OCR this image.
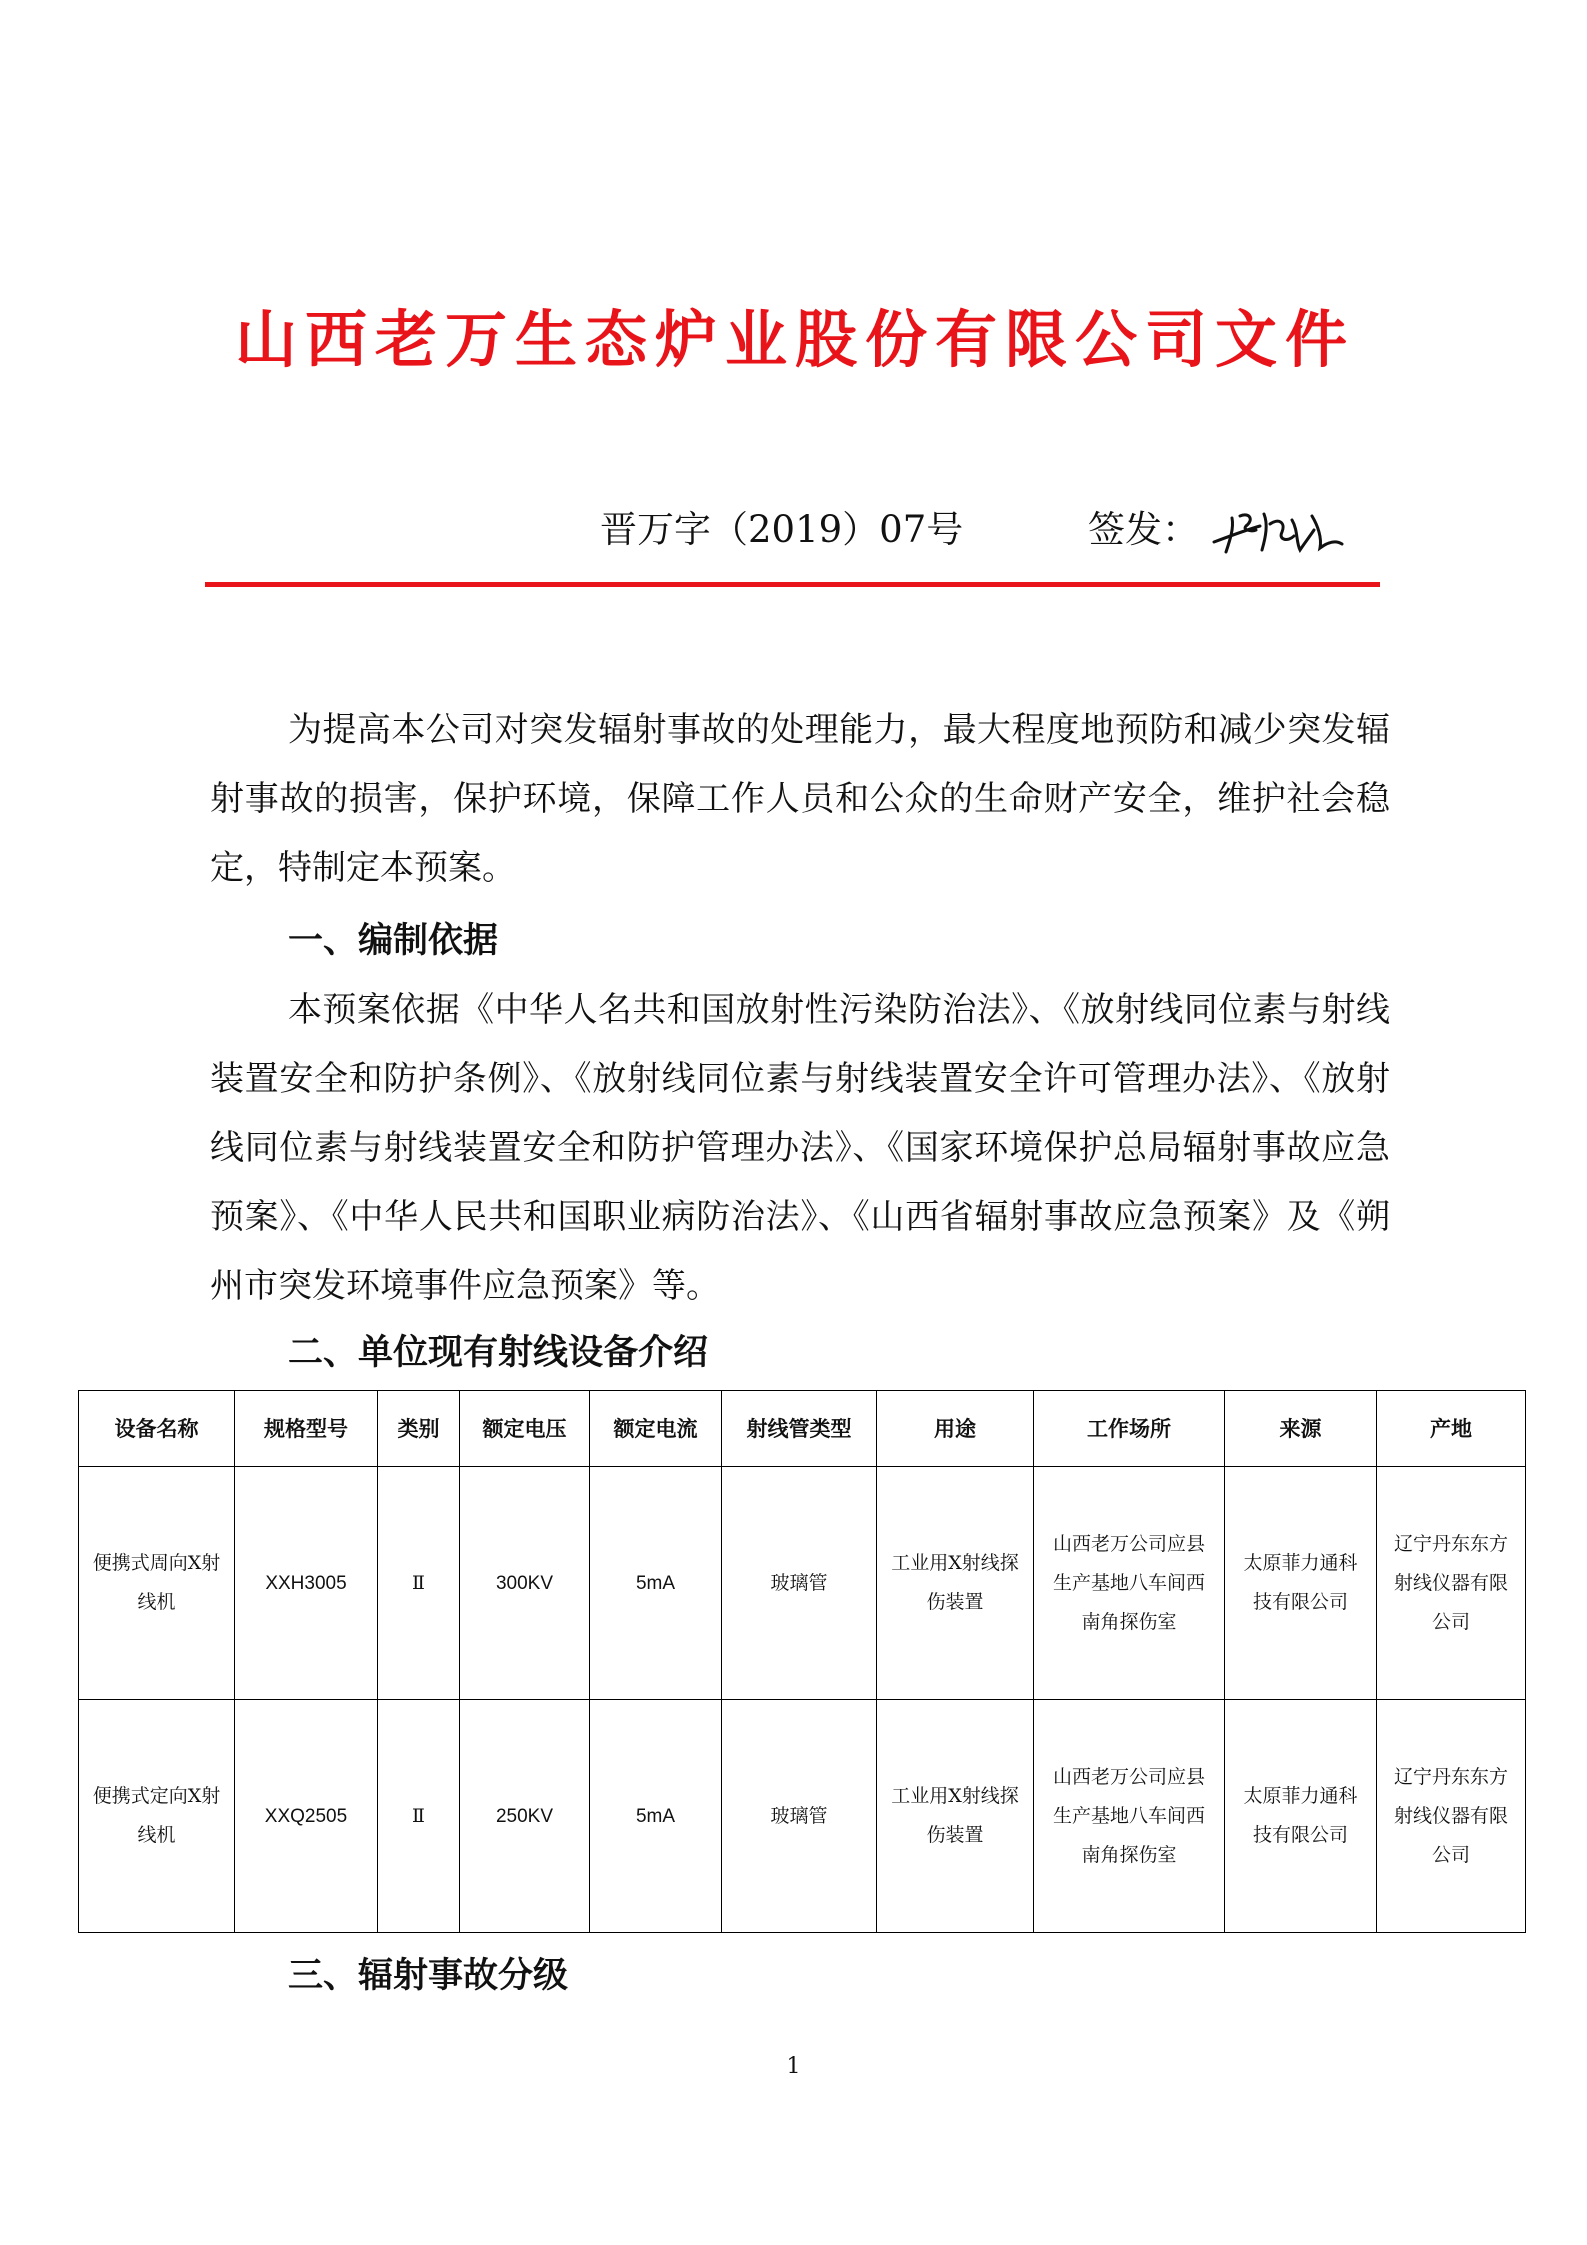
山西老万生态炉业股份有限公司文件
晋万字（2019）07号	签发：

为提高本公司对突发辐射事故的处理能力，最大程度地预防和减少突发辐射事故的损害，保护环境，保障工作人员和公众的生命财产安全，维护社会稳定，特制定本预案。

一、编制依据

本预案依据《中华人名共和国放射性污染防治法》、《放射线同位素与射线装置安全和防护条例》、《放射线同位素与射线装置安全许可管理办法》、《放射线同位素与射线装置安全和防护管理办法》、《国家环境保护总局辐射事故应急预案》、《中华人民共和国职业病防治法》、《山西省辐射事故应急预案》及《朔州市突发环境事件应急预案》等。

二、单位现有射线设备介绍

设备名称	规格型号	类别	额定电压	额定电流	射线管类型	用途	工作场所	来源	产地
便携式周向X射线机	XXH3005	Ⅱ	300KV	5mA	玻璃管	工业用X射线探伤装置	山西老万公司应县生产基地八车间西南角探伤室	太原菲力通科技有限公司	辽宁丹东东方射线仪器有限公司
便携式定向X射线机	XXQ2505	Ⅱ	250KV	5mA	玻璃管	工业用X射线探伤装置	山西老万公司应县生产基地八车间西南角探伤室	太原菲力通科技有限公司	辽宁丹东东方射线仪器有限公司

三、辐射事故分级

1
